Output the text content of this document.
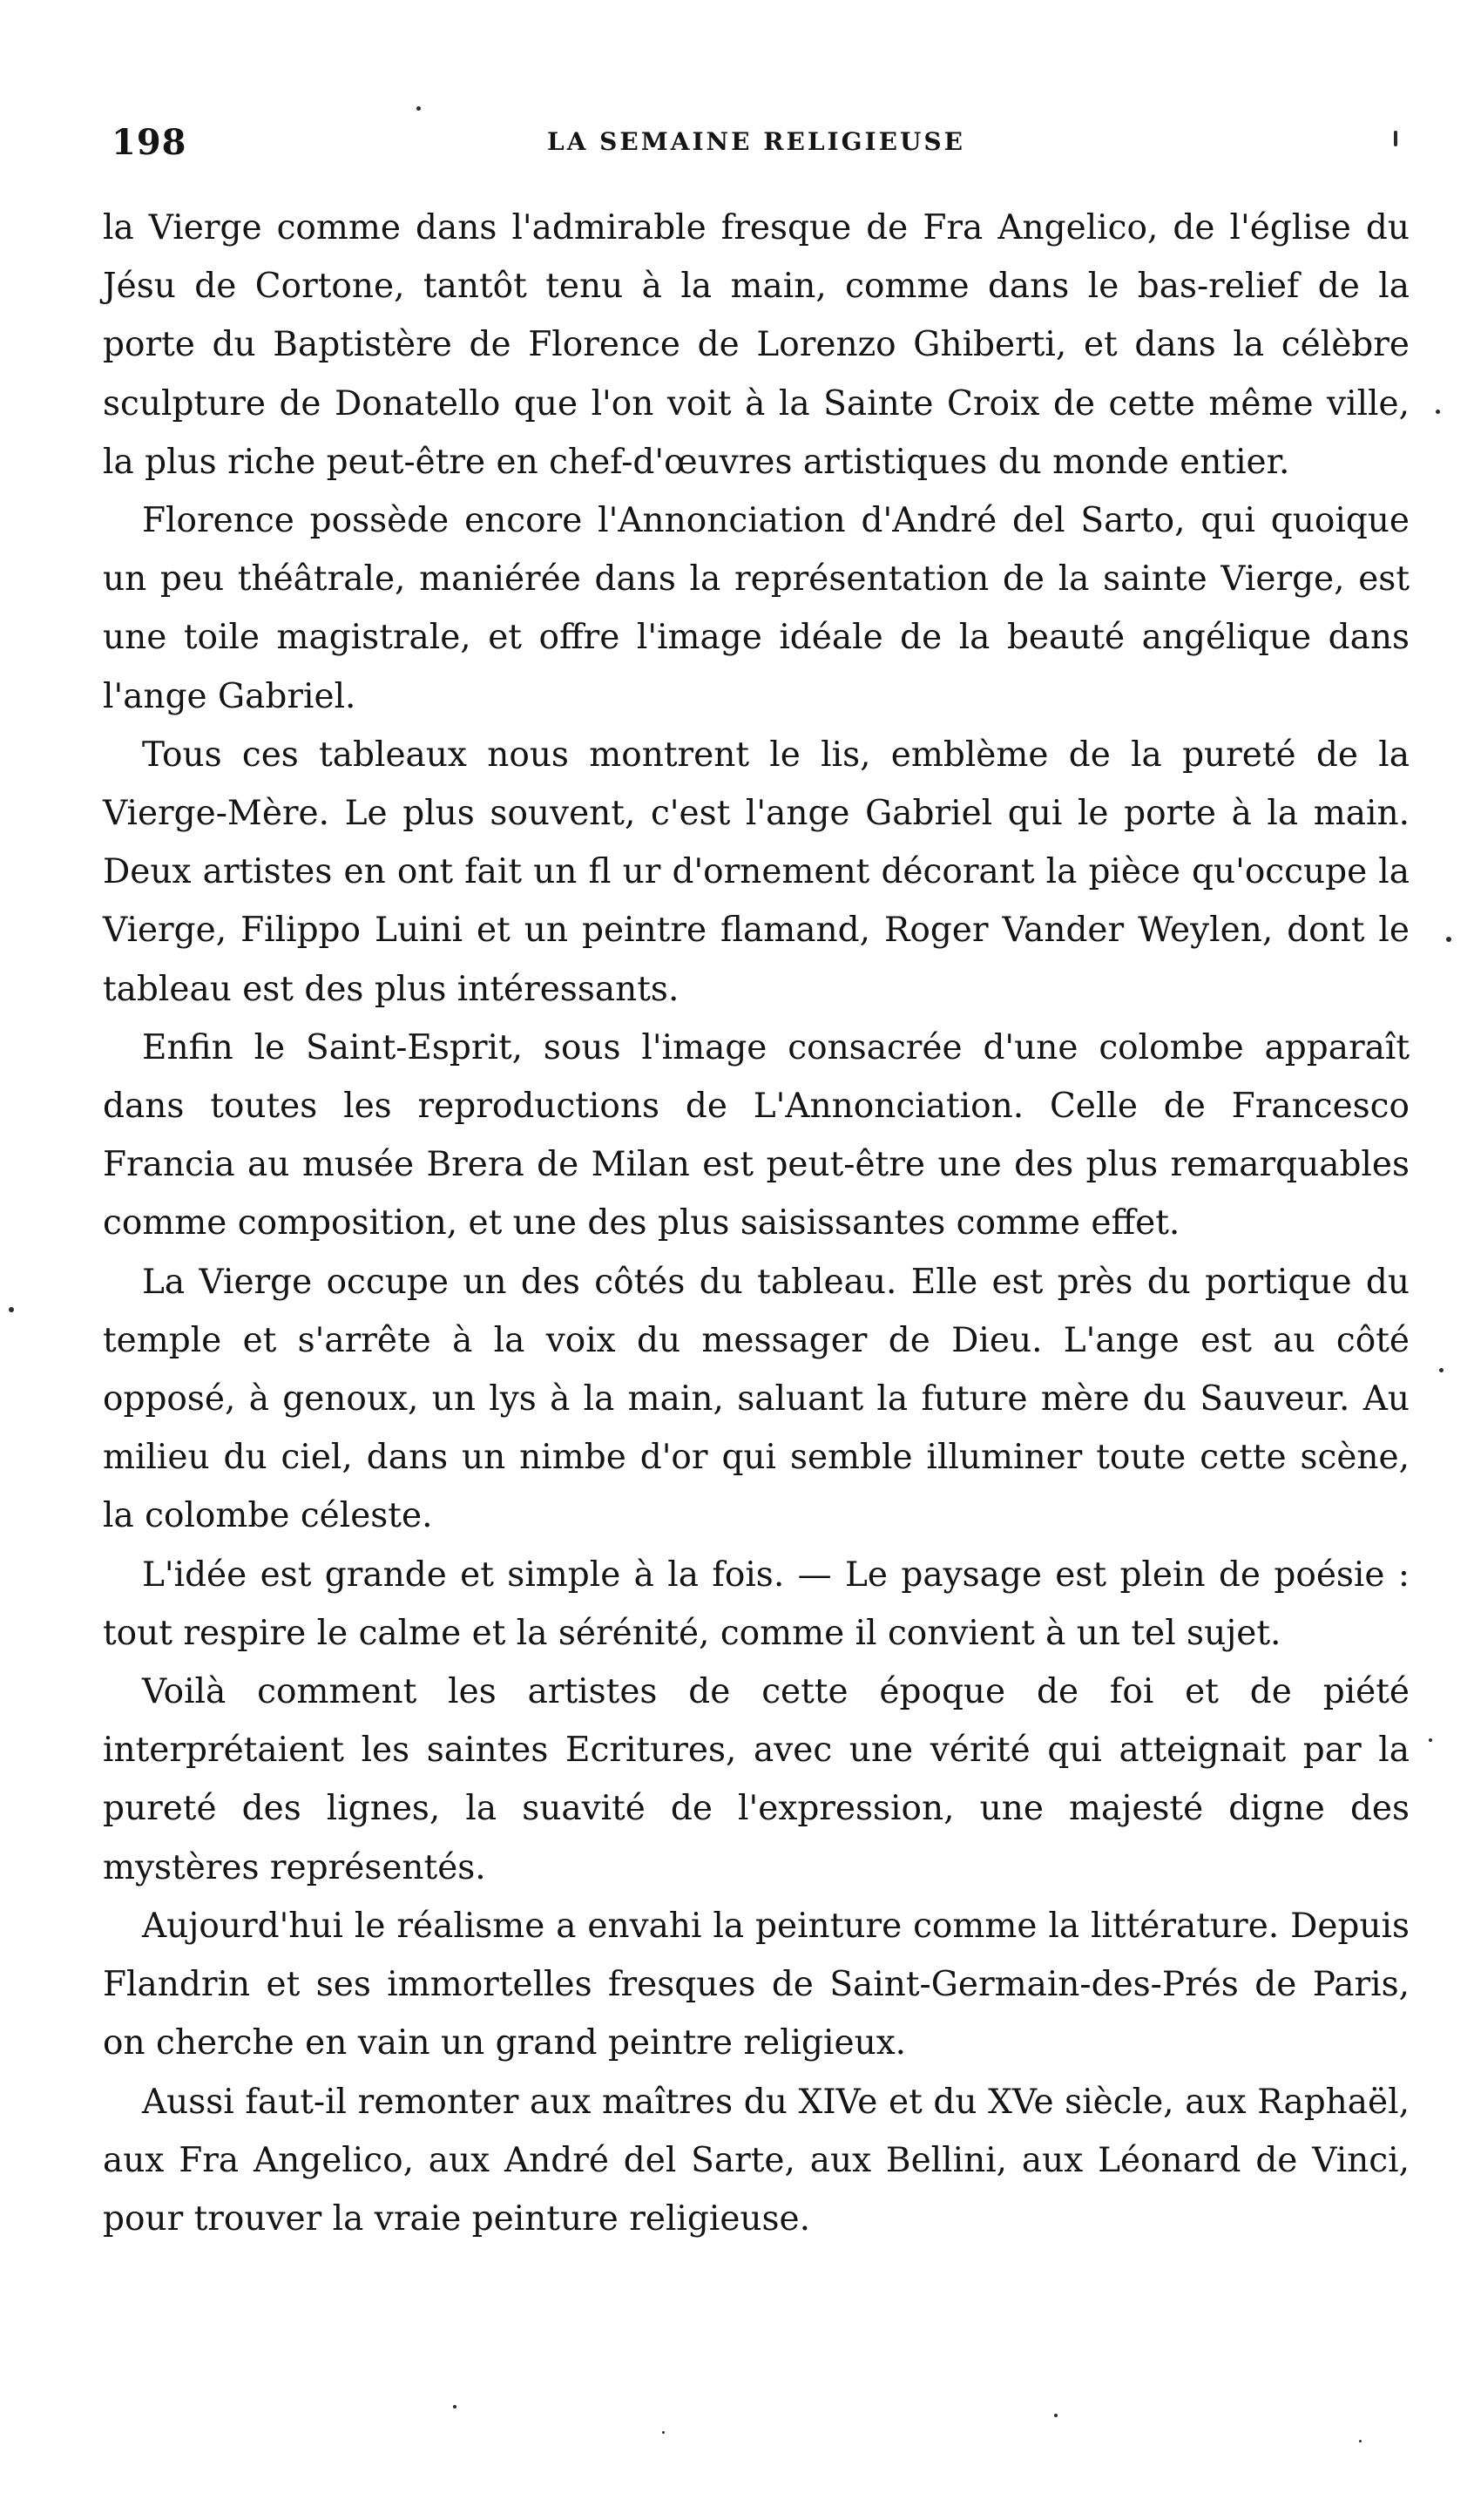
198	LA SEMAINE RELIGIEUSE

la Vierge comme dans l'admirable fresque de Fra Angelico, de l'église du Jésu de Cortone, tantôt tenu à la main, comme dans le bas-relief de la porte du Baptistère de Florence de Lorenzo Ghiberti, et dans la célèbre sculpture de Donatello que l'on voit à la Sainte Croix de cette même ville, la plus riche peut-être en chef-d'œuvres artistiques du monde entier.

Florence possède encore l'Annonciation d'André del Sarto, qui quoique un peu théâtrale, maniérée dans la représentation de la sainte Vierge, est une toile magistrale, et offre l'image idéale de la beauté angélique dans l'ange Gabriel.

Tous ces tableaux nous montrent le lis, emblème de la pureté de la Vierge-Mère. Le plus souvent, c'est l'ange Gabriel qui le porte à la main. Deux artistes en ont fait un fl ur d'ornement décorant la pièce qu'occupe la Vierge, Filippo Luini et un peintre flamand, Roger Vander Weylen, dont le tableau est des plus intéressants.

Enfin le Saint-Esprit, sous l'image consacrée d'une colombe apparaît dans toutes les reproductions de L'Annonciation. Celle de Francesco Francia au musée Brera de Milan est peut-être une des plus remarquables comme composition, et une des plus saisissantes comme effet.

La Vierge occupe un des côtés du tableau. Elle est près du portique du temple et s'arrête à la voix du messager de Dieu. L'ange est au côté opposé, à genoux, un lys à la main, saluant la future mère du Sauveur. Au milieu du ciel, dans un nimbe d'or qui semble illuminer toute cette scène, la colombe céleste.

L'idée est grande et simple à la fois. — Le paysage est plein de poésie : tout respire le calme et la sérénité, comme il convient à un tel sujet.

Voilà comment les artistes de cette époque de foi et de piété interprétaient les saintes Ecritures, avec une vérité qui atteignait par la pureté des lignes, la suavité de l'expression, une majesté digne des mystères représentés.

Aujourd'hui le réalisme a envahi la peinture comme la littérature. Depuis Flandrin et ses immortelles fresques de Saint-Germain-des-Prés de Paris, on cherche en vain un grand peintre religieux.

Aussi faut-il remonter aux maîtres du XIVe et du XVe siècle, aux Raphaël, aux Fra Angelico, aux André del Sarte, aux Bellini, aux Léonard de Vinci, pour trouver la vraie peinture religieuse.
